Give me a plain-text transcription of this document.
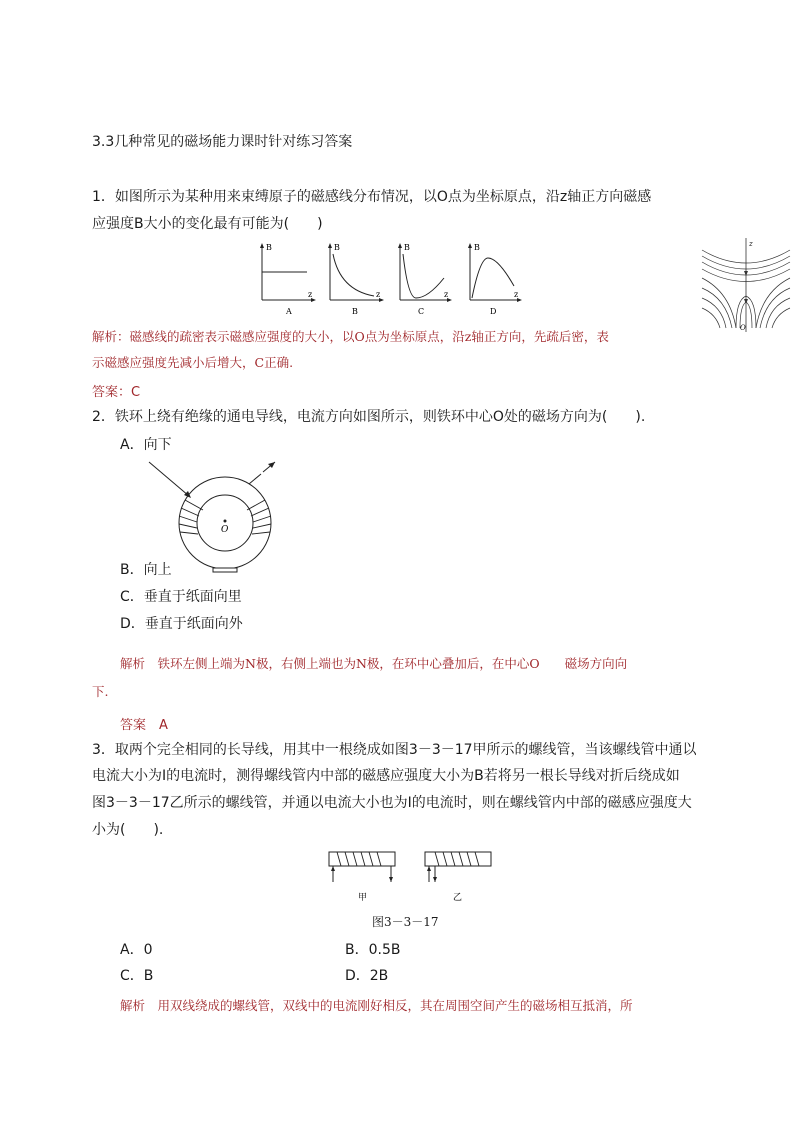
3.3几种常见的磁场能力课时针对练习答案
1．如图所示为某种用来束缚原子的磁感线分布情况，以O点为坐标原点，沿z轴正方向磁感
应强度B大小的变化最有可能为(　　)
B
z
A
B
z
B
B
z
C
B
z
D
z
O
解析：磁感线的疏密表示磁感应强度的大小，以O点为坐标原点，沿z轴正方向，先疏后密，表
示磁感应强度先减小后增大，C正确.
答案：C
2．铁环上绕有绝缘的通电导线，电流方向如图所示，则铁环中心O处的磁场方向为(　　).
A．向下
O
B．向上
C．垂直于纸面向里
D．垂直于纸面向外
解析　铁环左侧上端为N极，右侧上端也为N极，在环中心叠加后，在中心O　　磁场方向向
下.
答案　A
3．取两个完全相同的长导线，用其中一根绕成如图3－3－17甲所示的螺线管，当该螺线管中通以
电流大小为I的电流时，测得螺线管内中部的磁感应强度大小为B若将另一根长导线对折后绕成如
图3－3－17乙所示的螺线管，并通以电流大小也为I的电流时，则在螺线管内中部的磁感应强度大
小为(　　).
甲	乙
图3－3－17
A．0	B．0.5B
C．B	D．2B
解析　用双线绕成的螺线管，双线中的电流刚好相反，其在周围空间产生的磁场相互抵消，所
